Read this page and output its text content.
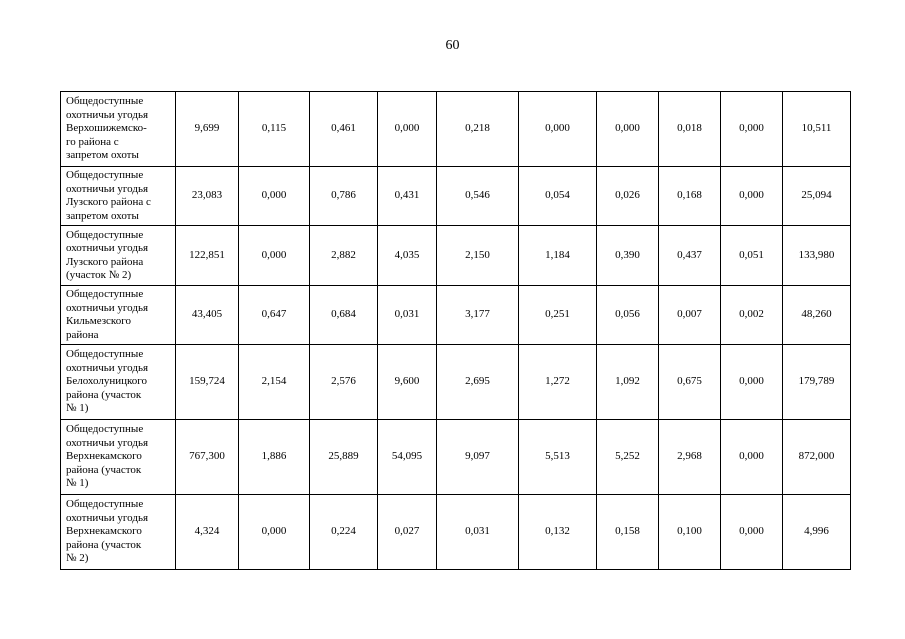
60
Общедоступные
охотничьи угодья
Верхошижемско-
го района с
запретом охоты	9,699	0,115	0,461	0,000	0,218	0,000	0,000	0,018	0,000	10,511
Общедоступные
охотничьи угодья
Лузского района с
запретом охоты	23,083	0,000	0,786	0,431	0,546	0,054	0,026	0,168	0,000	25,094
Общедоступные
охотничьи угодья
Лузского района
(участок № 2)	122,851	0,000	2,882	4,035	2,150	1,184	0,390	0,437	0,051	133,980
Общедоступные
охотничьи угодья
Кильмезского
района	43,405	0,647	0,684	0,031	3,177	0,251	0,056	0,007	0,002	48,260
Общедоступные
охотничьи угодья
Белохолуницкого
района (участок
№ 1)	159,724	2,154	2,576	9,600	2,695	1,272	1,092	0,675	0,000	179,789
Общедоступные
охотничьи угодья
Верхнекамского
района (участок
№ 1)	767,300	1,886	25,889	54,095	9,097	5,513	5,252	2,968	0,000	872,000
Общедоступные
охотничьи угодья
Верхнекамского
района (участок
№ 2)	4,324	0,000	0,224	0,027	0,031	0,132	0,158	0,100	0,000	4,996
